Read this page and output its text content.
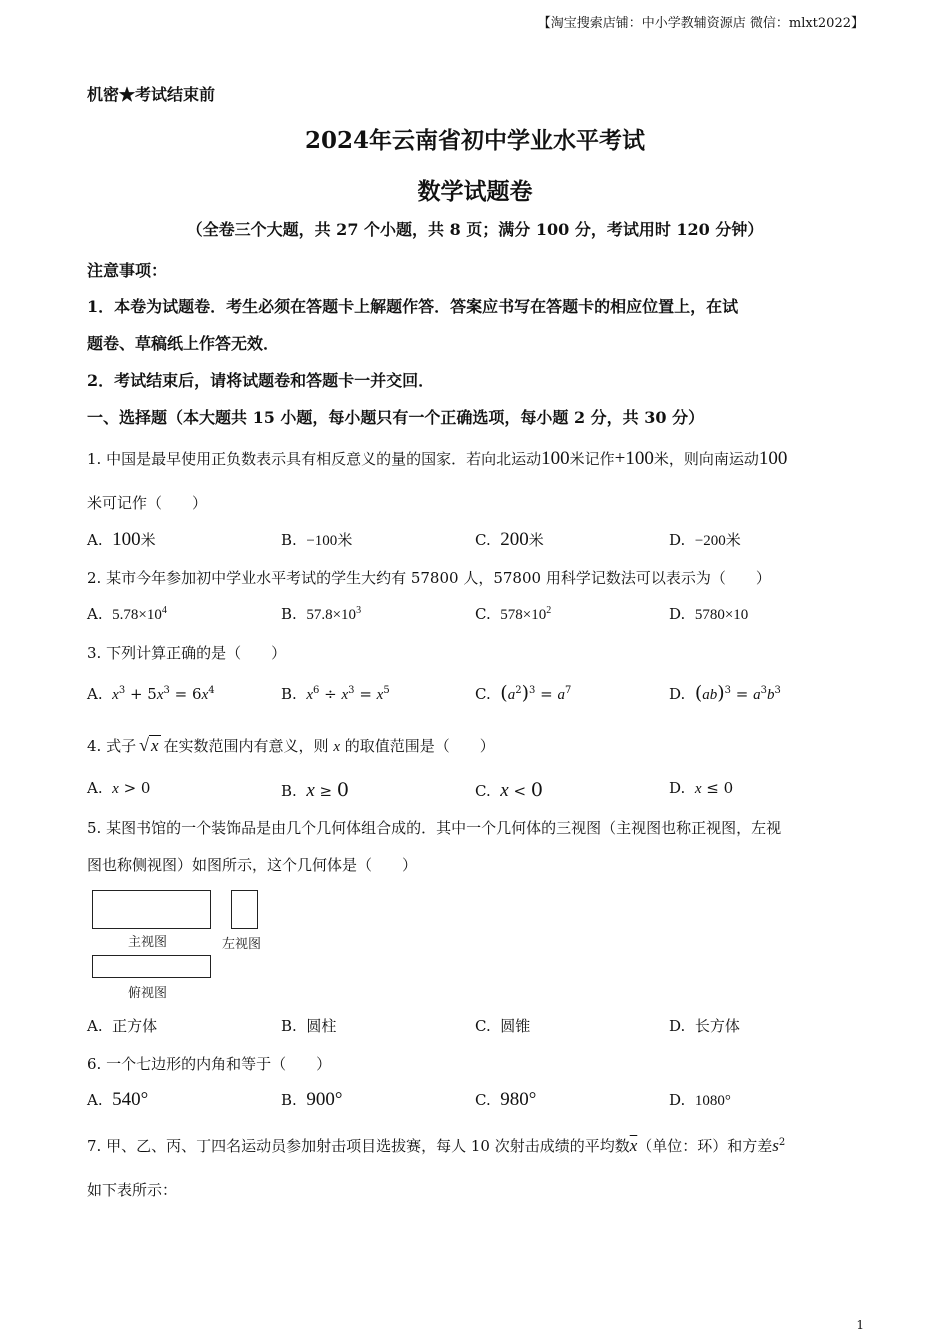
【淘宝搜索店铺：中小学教辅资源店 微信：mlxt2022】
机密★考试结束前
2024年云南省初中学业水平考试
数学试题卷
（全卷三个大题，共 27 个小题，共 8 页；满分 100 分，考试用时 120 分钟）
注意事项：
1．本卷为试题卷．考生必须在答题卡上解题作答．答案应书写在答题卡的相应位置上，在试
题卷、草稿纸上作答无效．
2．考试结束后，请将试题卷和答题卡一并交回．
一、选择题（本大题共 15 小题，每小题只有一个正确选项，每小题 2 分，共 30 分）
1. 中国是最早使用正负数表示具有相反意义的量的国家．若向北运动100米记作+100米，则向南运动100
米可记作（　　）
A. 100米	B. −100米	C. 200米	D. −200米
2. 某市今年参加初中学业水平考试的学生大约有 57800 人，57800 用科学记数法可以表示为（　　）
A. $5.78\times 10^4$	B. $57.8\times 10^3$	C. $578\times 10^2$	D. 5780×10
3. 下列计算正确的是（　　）
A. $x^3 + 5x^3 = 6x^4$	B. $x^6 \div x^3 = x^5$	C. $(a^2)^3 = a^7$	D. $(ab)^3 = a^3b^3$
4. 式子 √ x 在实数范围内有意义，则 x 的取值范围是（　　）
A. x > 0	B. x ≥ 0	C. x < 0	D. x ≤ 0
5. 某图书馆的一个装饰品是由几个几何体组合成的．其中一个几何体的三视图（主视图也称正视图，左视
图也称侧视图）如图所示，这个几何体是（　　）
主视图	左视图
俯视图
A. 正方体	B. 圆柱	C. 圆锥	D. 长方体
6. 一个七边形的内角和等于（　　）
A. 540°	B. 900°	C. 980°	D. 1080°
7. 甲、乙、丙、丁四名运动员参加射击项目选拔赛，每人 10 次射击成绩的平均数$\overline{x}$（单位：环）和方差$s^2$
如下表所示：
1
